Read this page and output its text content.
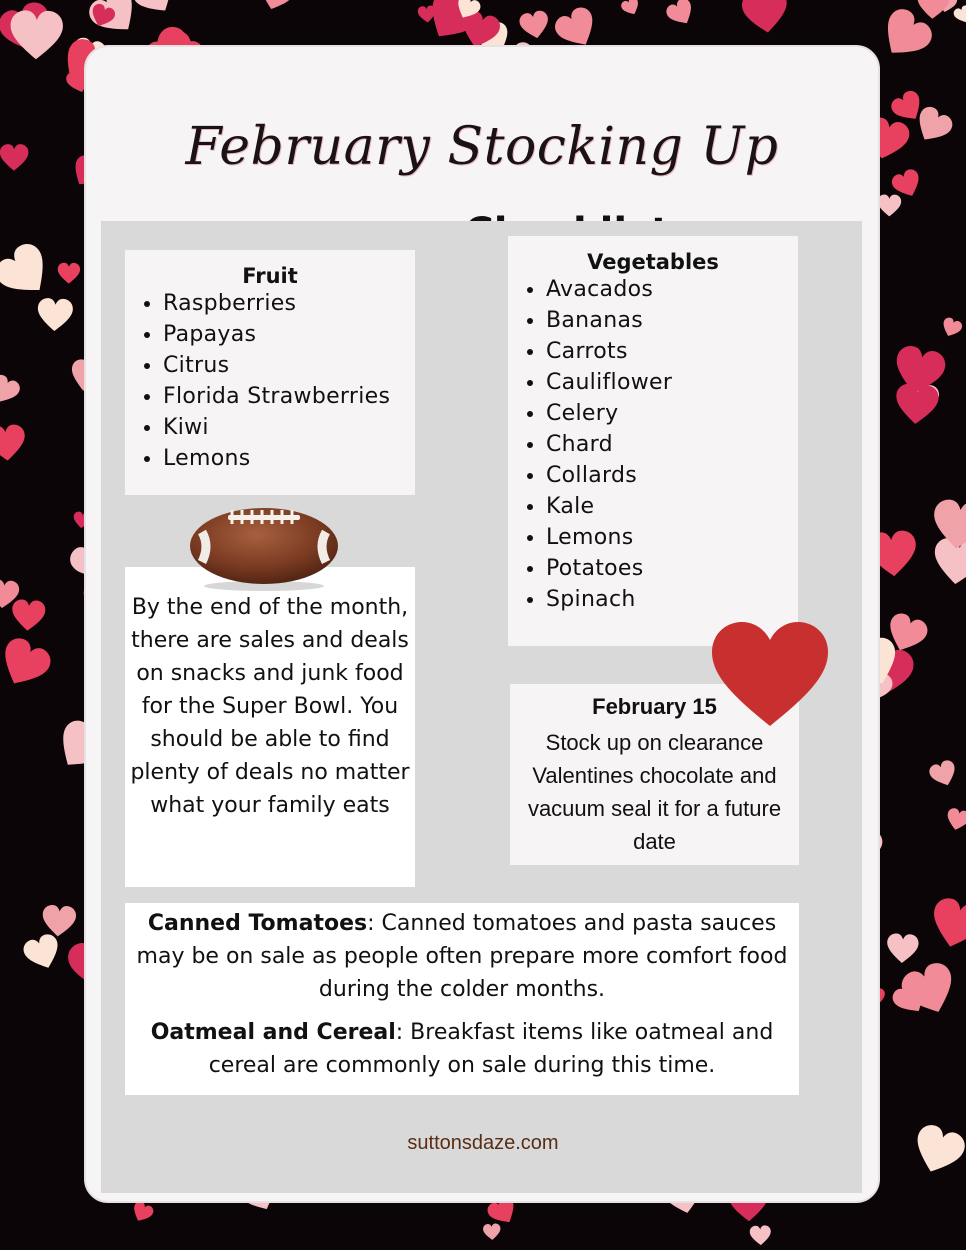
February Stocking Up
Fruit
• Raspberries
• Papayas
• Citrus
• Florida Strawberries
• Kiwi
• Lemons
Vegetables
• Avacados
• Bananas
• Carrots
• Cauliflower
• Celery
• Chard
• Collards
• Kale
• Lemons
• Potatoes
• Spinach

By the end of the month, there are sales and deals on snacks and junk food for the Super Bowl. You should be able to find plenty of deals no matter what your family eats

February 15

Stock up on clearance Valentines chocolate and vacuum seal it for a future date

Canned Tomatoes: Canned tomatoes and pasta sauces may be on sale as people often prepare more comfort food during the colder months.

Oatmeal and Cereal: Breakfast items like oatmeal and cereal are commonly on sale during this time.

suttonsdaze.com
